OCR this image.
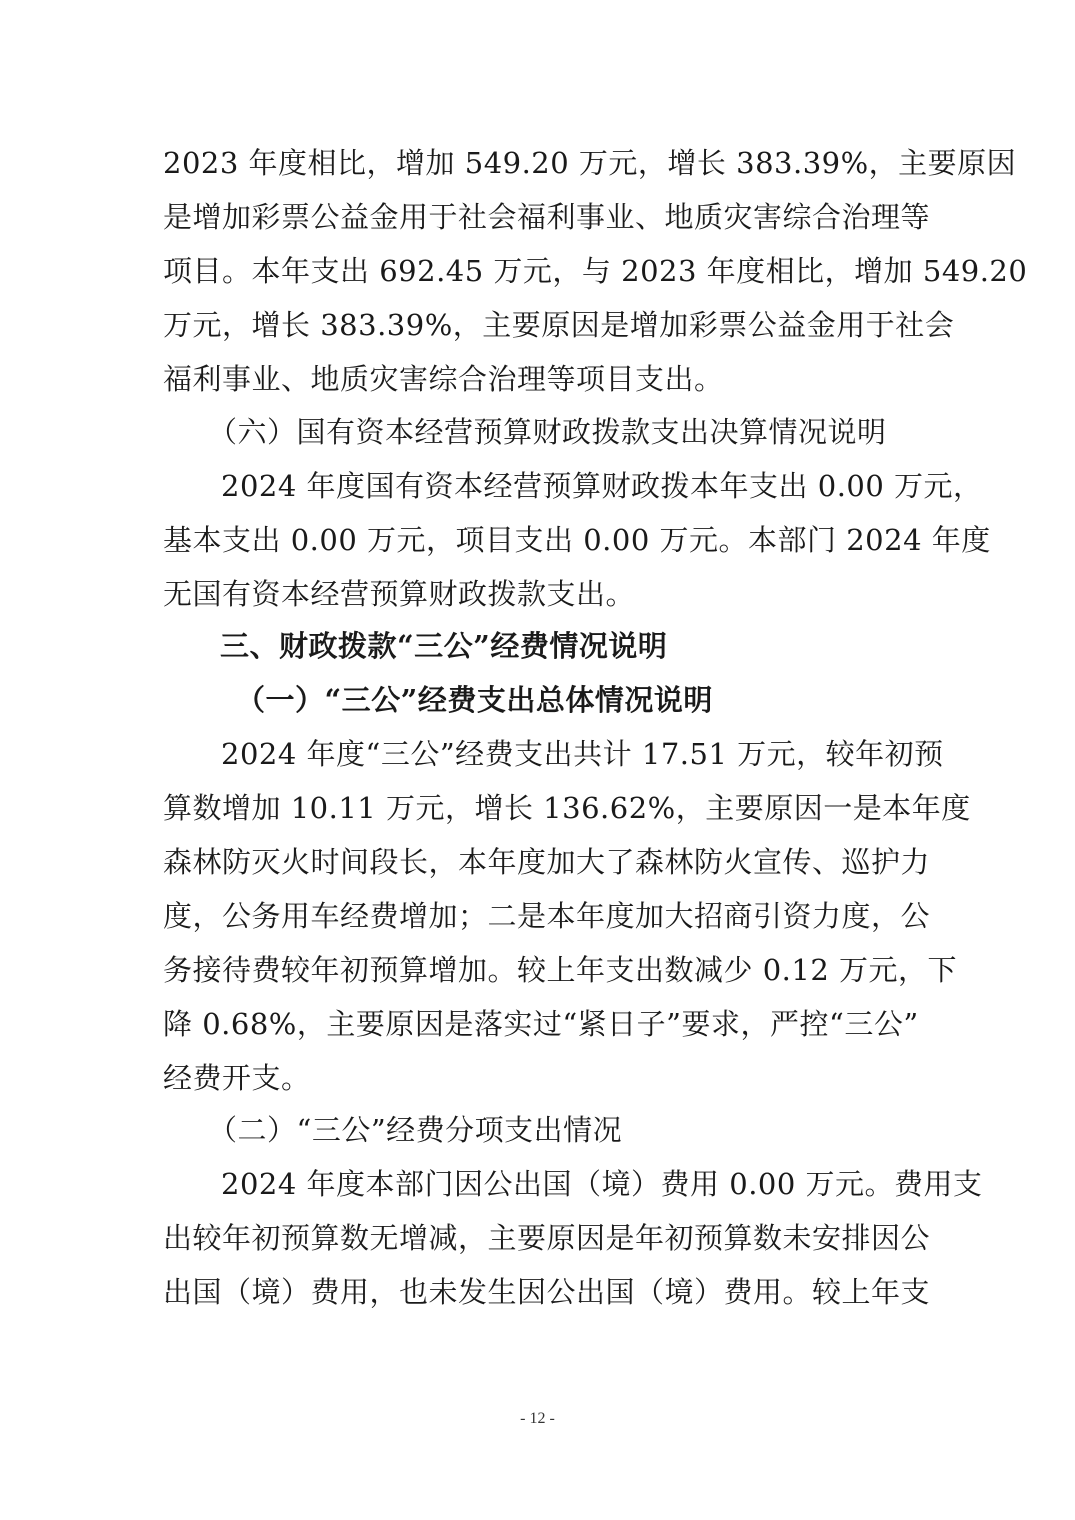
2023 年度相比，增加 549.20 万元，增长 383.39%，主要原因
是增加彩票公益金用于社会福利事业、地质灾害综合治理等
项目。本年支出 692.45 万元，与 2023 年度相比，增加 549.20
万元，增长 383.39%，主要原因是增加彩票公益金用于社会
福利事业、地质灾害综合治理等项目支出。
（六）国有资本经营预算财政拨款支出决算情况说明
2024 年度国有资本经营预算财政拨本年支出 0.00 万元，
基本支出 0.00 万元，项目支出 0.00 万元。本部门 2024 年度
无国有资本经营预算财政拨款支出。
三、财政拨款“三公”经费情况说明
（一）“三公”经费支出总体情况说明
2024 年度“三公”经费支出共计 17.51 万元，较年初预
算数增加 10.11 万元，增长 136.62%，主要原因一是本年度
森林防灭火时间段长，本年度加大了森林防火宣传、巡护力
度，公务用车经费增加；二是本年度加大招商引资力度，公
务接待费较年初预算增加。较上年支出数减少 0.12 万元，下
降 0.68%，主要原因是落实过“紧日子”要求，严控“三公”
经费开支。
（二）“三公”经费分项支出情况
2024 年度本部门因公出国（境）费用 0.00 万元。费用支
出较年初预算数无增减，主要原因是年初预算数未安排因公
出国（境）费用，也未发生因公出国（境）费用。较上年支
- 12 -
